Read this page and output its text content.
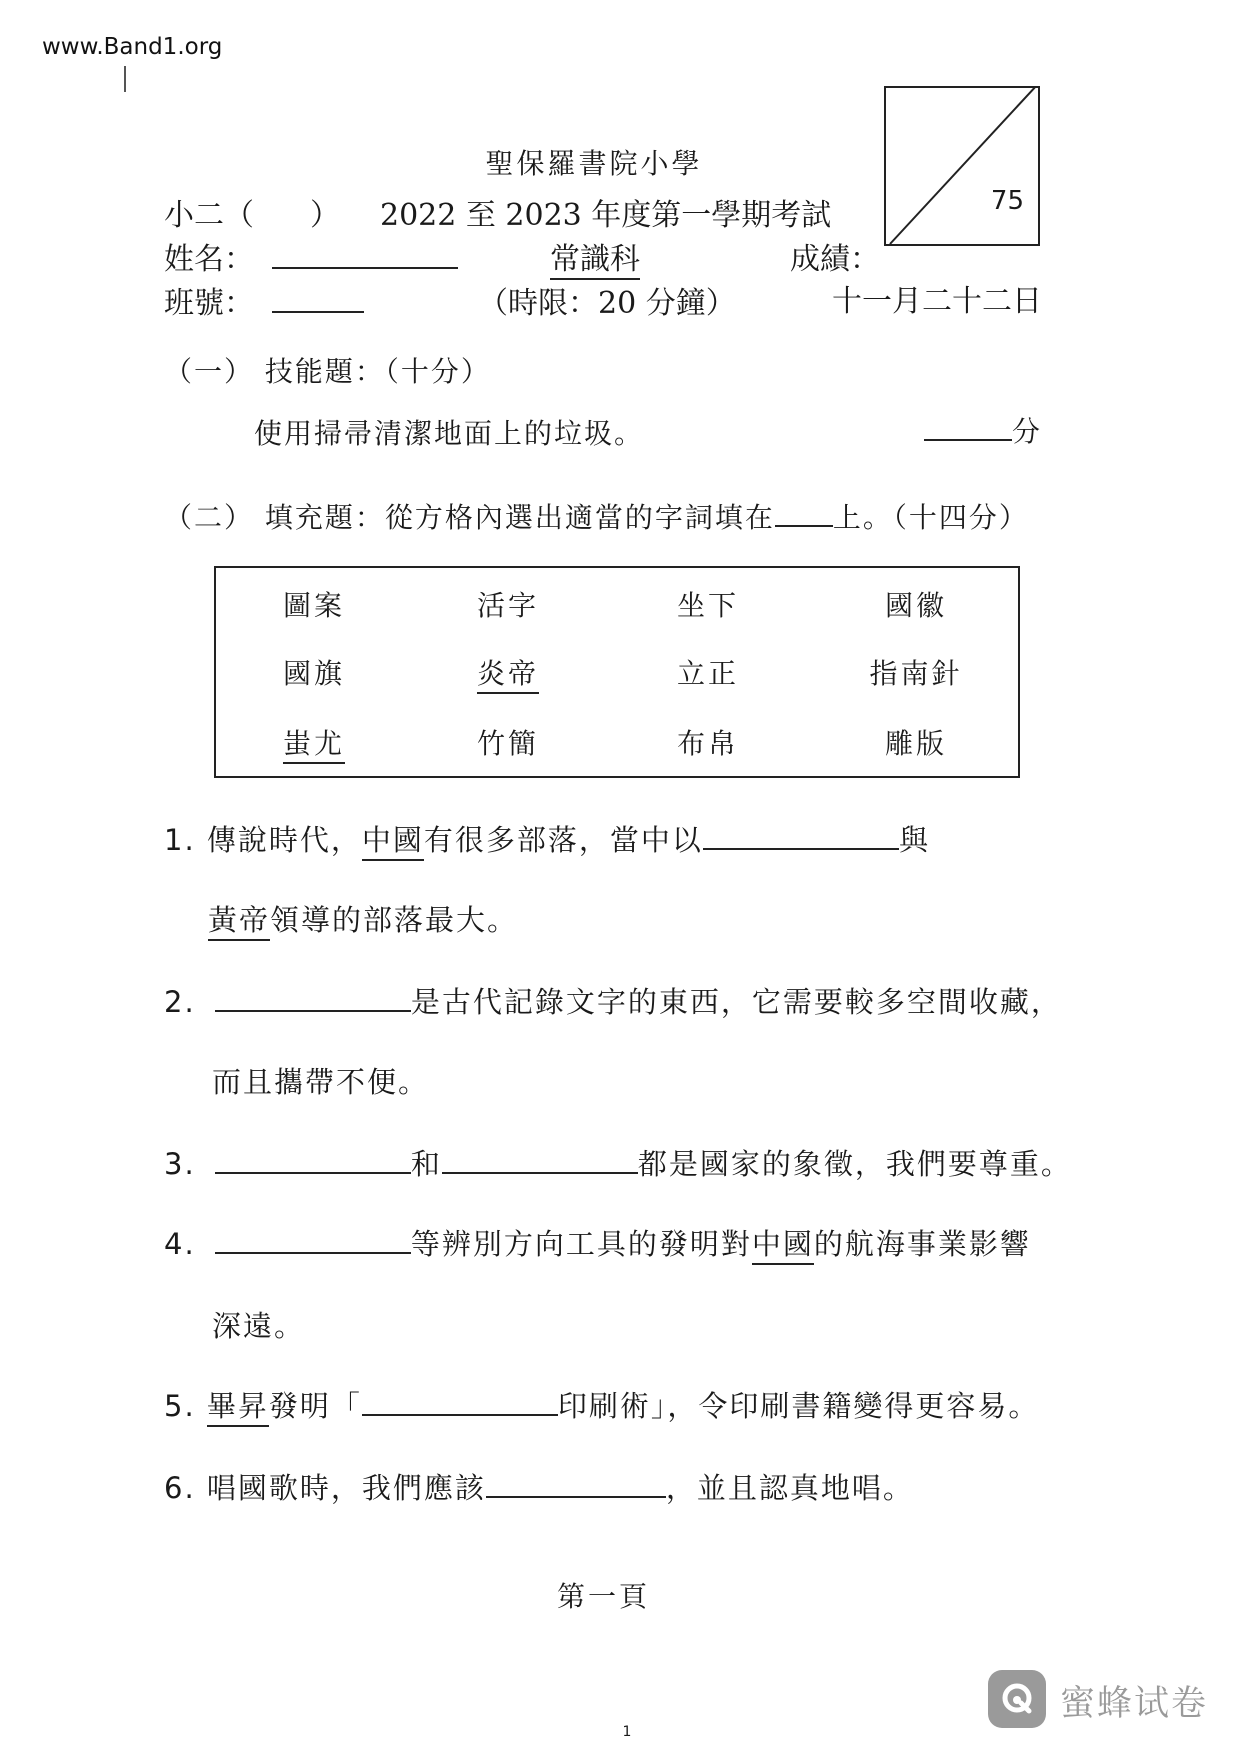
www.Band1.org
聖保羅書院小學
小二（ ） 2022 至 2023 年度第一學期考試
姓名：	常識科	成績：
班號：	（時限：20 分鐘）	十一月二十二日
75
（一） 技能題：（十分）
使用掃帚清潔地面上的垃圾。	分
（二） 填充題：從方格內選出適當的字詞填在 上。（十四分）
圖案	活字	坐下	國徽
國旗	炎帝	立正	指南針
蚩尤	竹簡	布帛	雕版
1. 傳說時代，中國有很多部落，當中以	與
黃帝領導的部落最大。
2.	是古代記錄文字的東西，它需要較多空間收藏，
而且攜帶不便。
3.	和	都是國家的象徵，我們要尊重。
4.	等辨別方向工具的發明對中國的航海事業影響
深遠。
5. 畢昇發明「	印刷術」，令印刷書籍變得更容易。
6. 唱國歌時，我們應該	，並且認真地唱。
第一頁
蜜蜂试卷
1
